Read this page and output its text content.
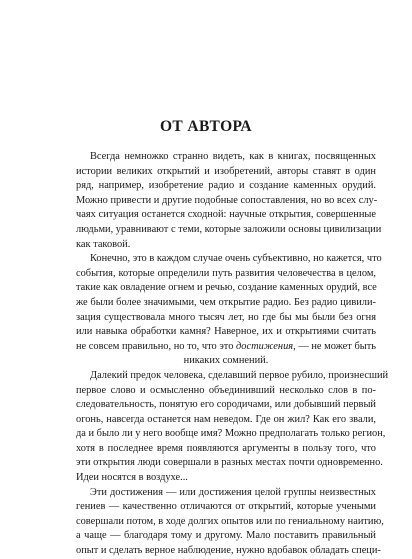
ОТ АВТОРА

Всегда немножко странно видеть, как в книгах, посвященных
истории великих открытий и изобретений, авторы ставят в один
ряд, например, изобретение радио и создание каменных орудий.
Можно привести и другие подобные сопоставления, но во всех слу-
чаях ситуация останется сходной: научные открытия, совершенные
людьми, уравнивают с теми, которые заложили основы цивилизации
как таковой.

Конечно, это в каждом случае очень субъективно, но кажется, что
события, которые определили путь развития человечества в целом,
такие как овладение огнем и речью, создание каменных орудий, все
же были более значимыми, чем открытие радио. Без радио цивили-
зация существовала много тысяч лет, но где бы мы были без огня
или навыка обработки камня? Наверное, их и открытиями считать
не совсем правильно, но то, что это достижения, — не может быть
никаких сомнений.

Далекий предок человека, сделавший первое рубило, произнесший
первое слово и осмысленно объединивший несколько слов в по-
следовательность, понятую его сородичами, или добывший первый
огонь, навсегда останется нам неведом. Где он жил? Как его звали,
да и было ли у него вообще имя? Можно предполагать только регион,
хотя в последнее время появляются аргументы в пользу того, что
эти открытия люди совершали в разных местах почти одновременно.
Идеи носятся в воздухе...

Эти достижения — или достижения целой группы неизвестных
гениев — качественно отличаются от открытий, которые учеными
совершали потом, в ходе долгих опытов или по гениальному наитию,
а чаще — благодаря тому и другому. Мало поставить правильный
опыт и сделать верное наблюдение, нужно вдобавок обладать специ-
